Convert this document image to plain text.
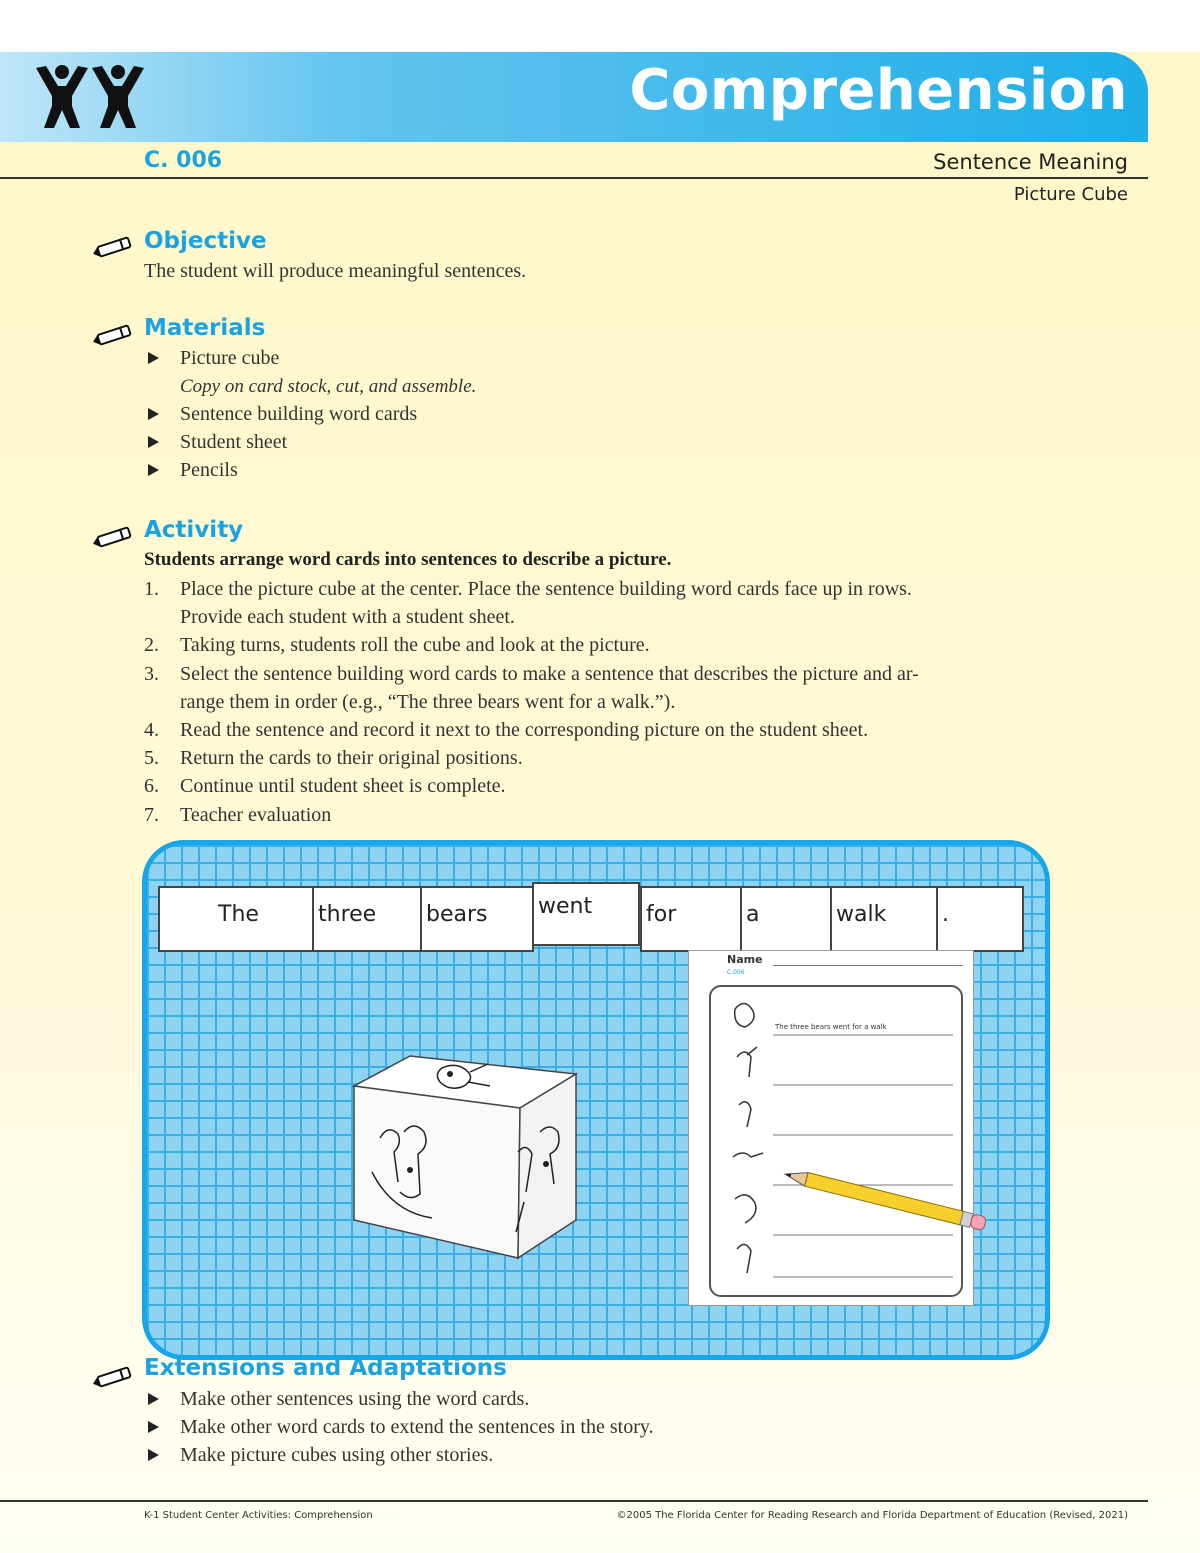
Comprehension
C. 006	Sentence Meaning
Picture Cube
Objective
The student will produce meaningful sentences.
Materials
Picture cube
Copy on card stock, cut, and assemble.
Sentence building word cards
Student sheet
Pencils
Activity
Students arrange word cards into sentences to describe a picture.
1. Place the picture cube at the center. Place the sentence building word cards face up in rows.
Provide each student with a student sheet.
2. Taking turns, students roll the cube and look at the picture.
3. Select the sentence building word cards to make a sentence that describes the picture and ar-
range them in order (e.g., “The three bears went for a walk.”).
4. Read the sentence and record it next to the corresponding picture on the student sheet.
5. Return the cards to their original positions.
6. Continue until student sheet is complete.
7. Teacher evaluation
The	three	bears	went	for	a	walk	.
Name
C.006
The three bears went for a walk
Extensions and Adaptations
Make other sentences using the word cards.
Make other word cards to extend the sentences in the story.
Make picture cubes using other stories.
K-1 Student Center Activities: Comprehension	©2005 The Florida Center for Reading Research and Florida Department of Education (Revised, 2021)
